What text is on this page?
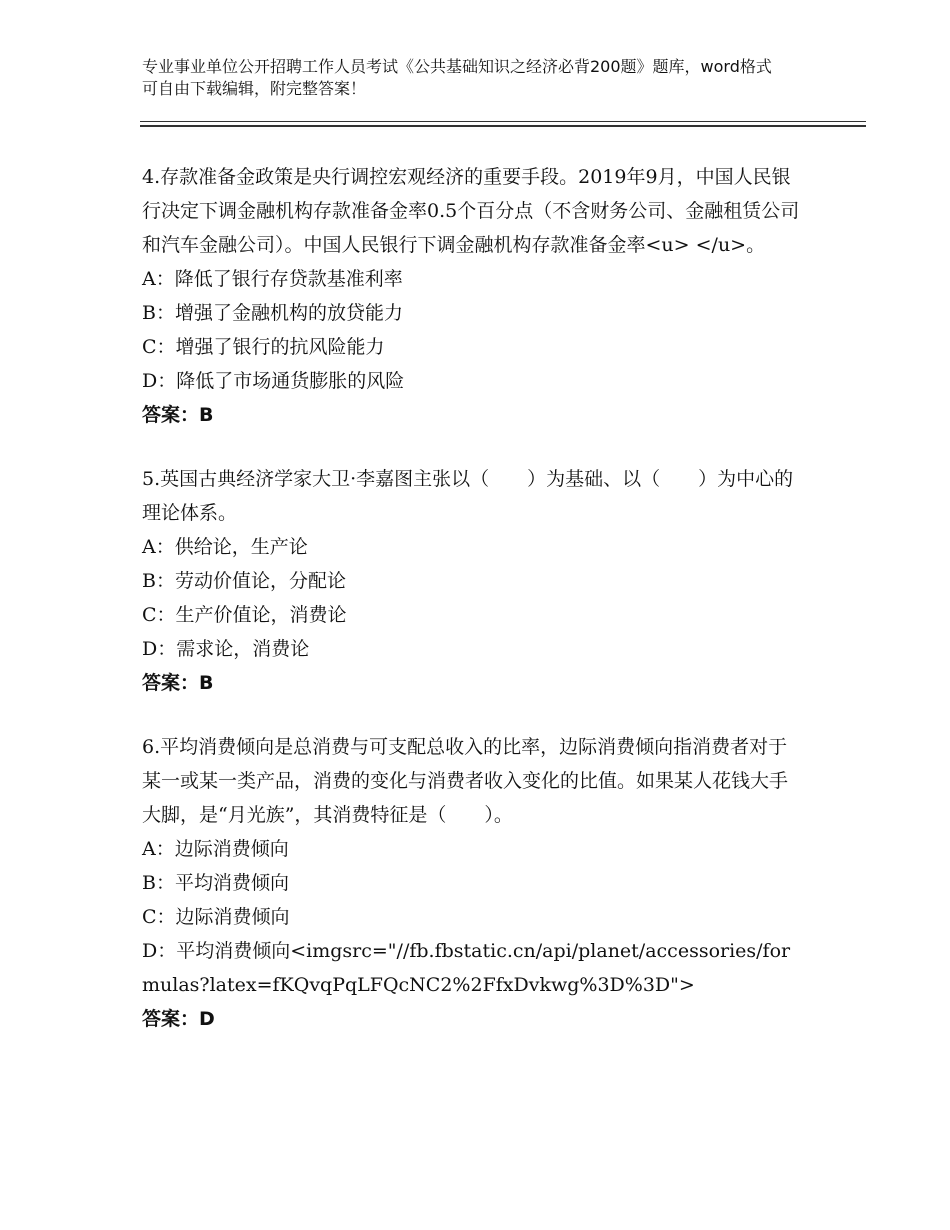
专业事业单位公开招聘工作人员考试《公共基础知识之经济必背200题》题库，word格式可自由下载编辑，附完整答案！
4.存款准备金政策是央行调控宏观经济的重要手段。2019年9月，中国人民银行决定下调金融机构存款准备金率0.5个百分点（不含财务公司、金融租赁公司和汽车金融公司）。中国人民银行下调金融机构存款准备金率<u> </u>。
A：降低了银行存贷款基准利率
B：增强了金融机构的放贷能力
C：增强了银行的抗风险能力
D：降低了市场通货膨胀的风险
答案：B
5.英国古典经济学家大卫·李嘉图主张以（　　）为基础、以（　　）为中心的理论体系。
A：供给论，生产论
B：劳动价值论，分配论
C：生产价值论，消费论
D：需求论，消费论
答案：B
6.平均消费倾向是总消费与可支配总收入的比率，边际消费倾向指消费者对于某一或某一类产品，消费的变化与消费者收入变化的比值。如果某人花钱大手大脚，是“月光族”，其消费特征是（　　）。
A：边际消费倾向
B：平均消费倾向
C：边际消费倾向
D：平均消费倾向<imgsrc="//fb.fbstatic.cn/api/planet/accessories/formulas?latex=fKQvqPqLFQcNC2%2FfxDvkwg%3D%3D">
答案：D
